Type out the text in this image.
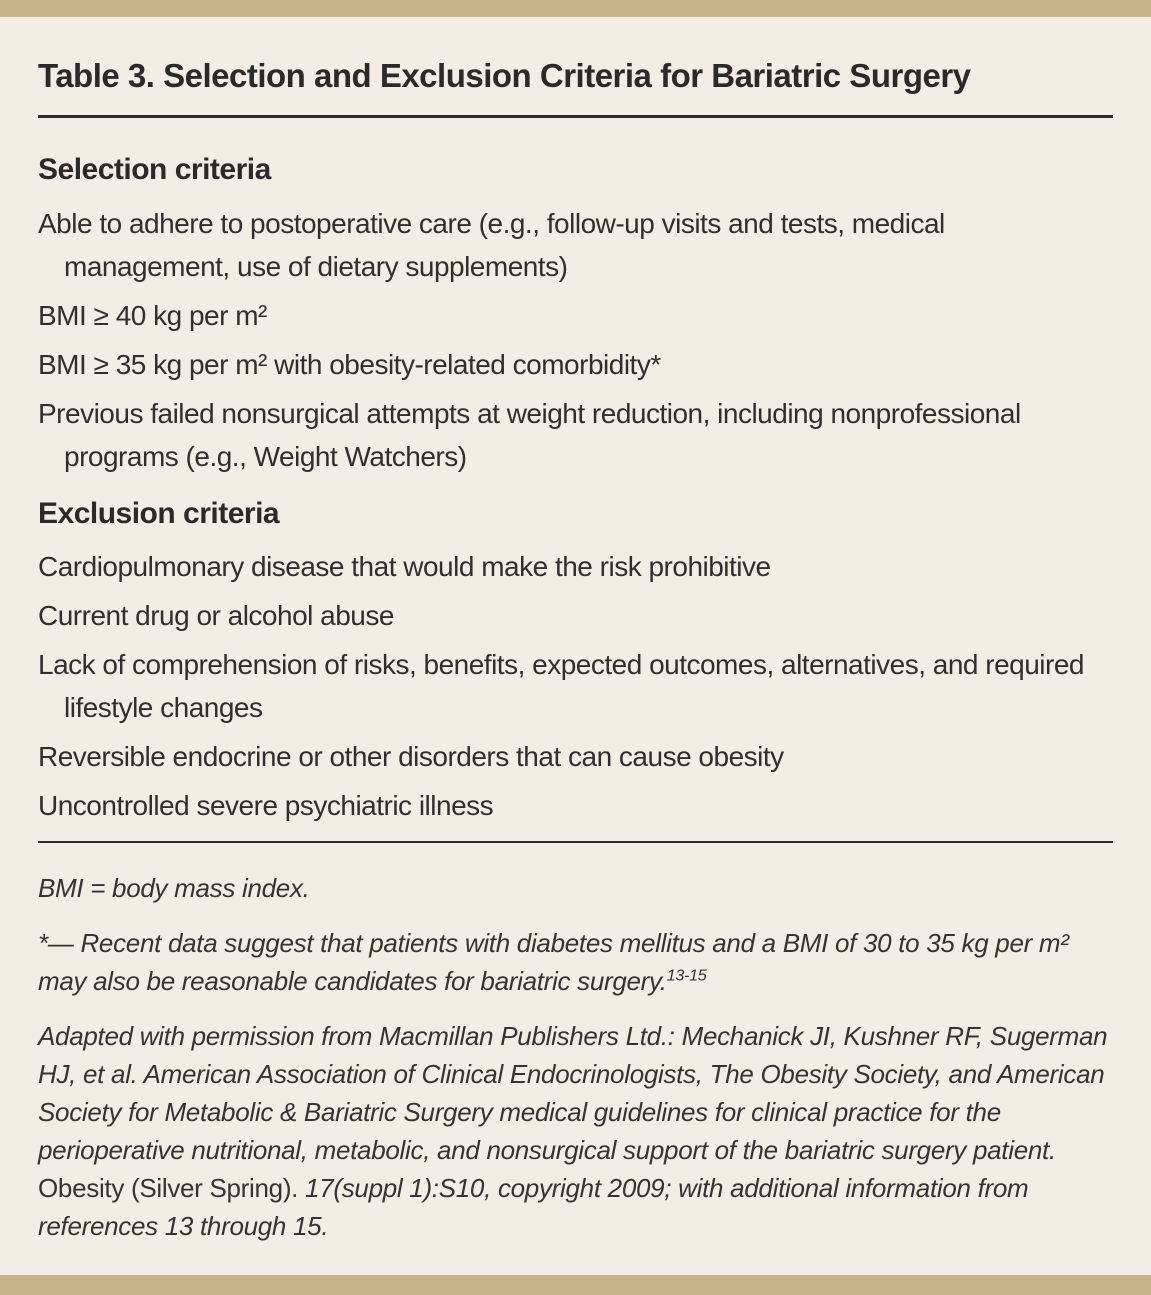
Table 3. Selection and Exclusion Criteria for Bariatric Surgery
Selection criteria

Able to adhere to postoperative care (e.g., follow-up visits and tests, medical management, use of dietary supplements)

BMI ≥ 40 kg per m²

BMI ≥ 35 kg per m² with obesity-related comorbidity*

Previous failed nonsurgical attempts at weight reduction, including nonprofessional programs (e.g., Weight Watchers)

Exclusion criteria

Cardiopulmonary disease that would make the risk prohibitive

Current drug or alcohol abuse

Lack of comprehension of risks, benefits, expected outcomes, alternatives, and required lifestyle changes

Reversible endocrine or other disorders that can cause obesity

Uncontrolled severe psychiatric illness

BMI = body mass index.

*— Recent data suggest that patients with diabetes mellitus and a BMI of 30 to 35 kg per m² may also be reasonable candidates for bariatric surgery.$^{13-15}$

Adapted with permission from Macmillan Publishers Ltd.: Mechanick JI, Kushner RF, Sugerman HJ, et al. American Association of Clinical Endocrinologists, The Obesity Society, and American Society for Metabolic & Bariatric Surgery medical guidelines for clinical practice for the perioperative nutritional, metabolic, and nonsurgical support of the bariatric surgery patient. Obesity (Silver Spring). 17(suppl 1):S10, copyright 2009; with additional information from references 13 through 15.
